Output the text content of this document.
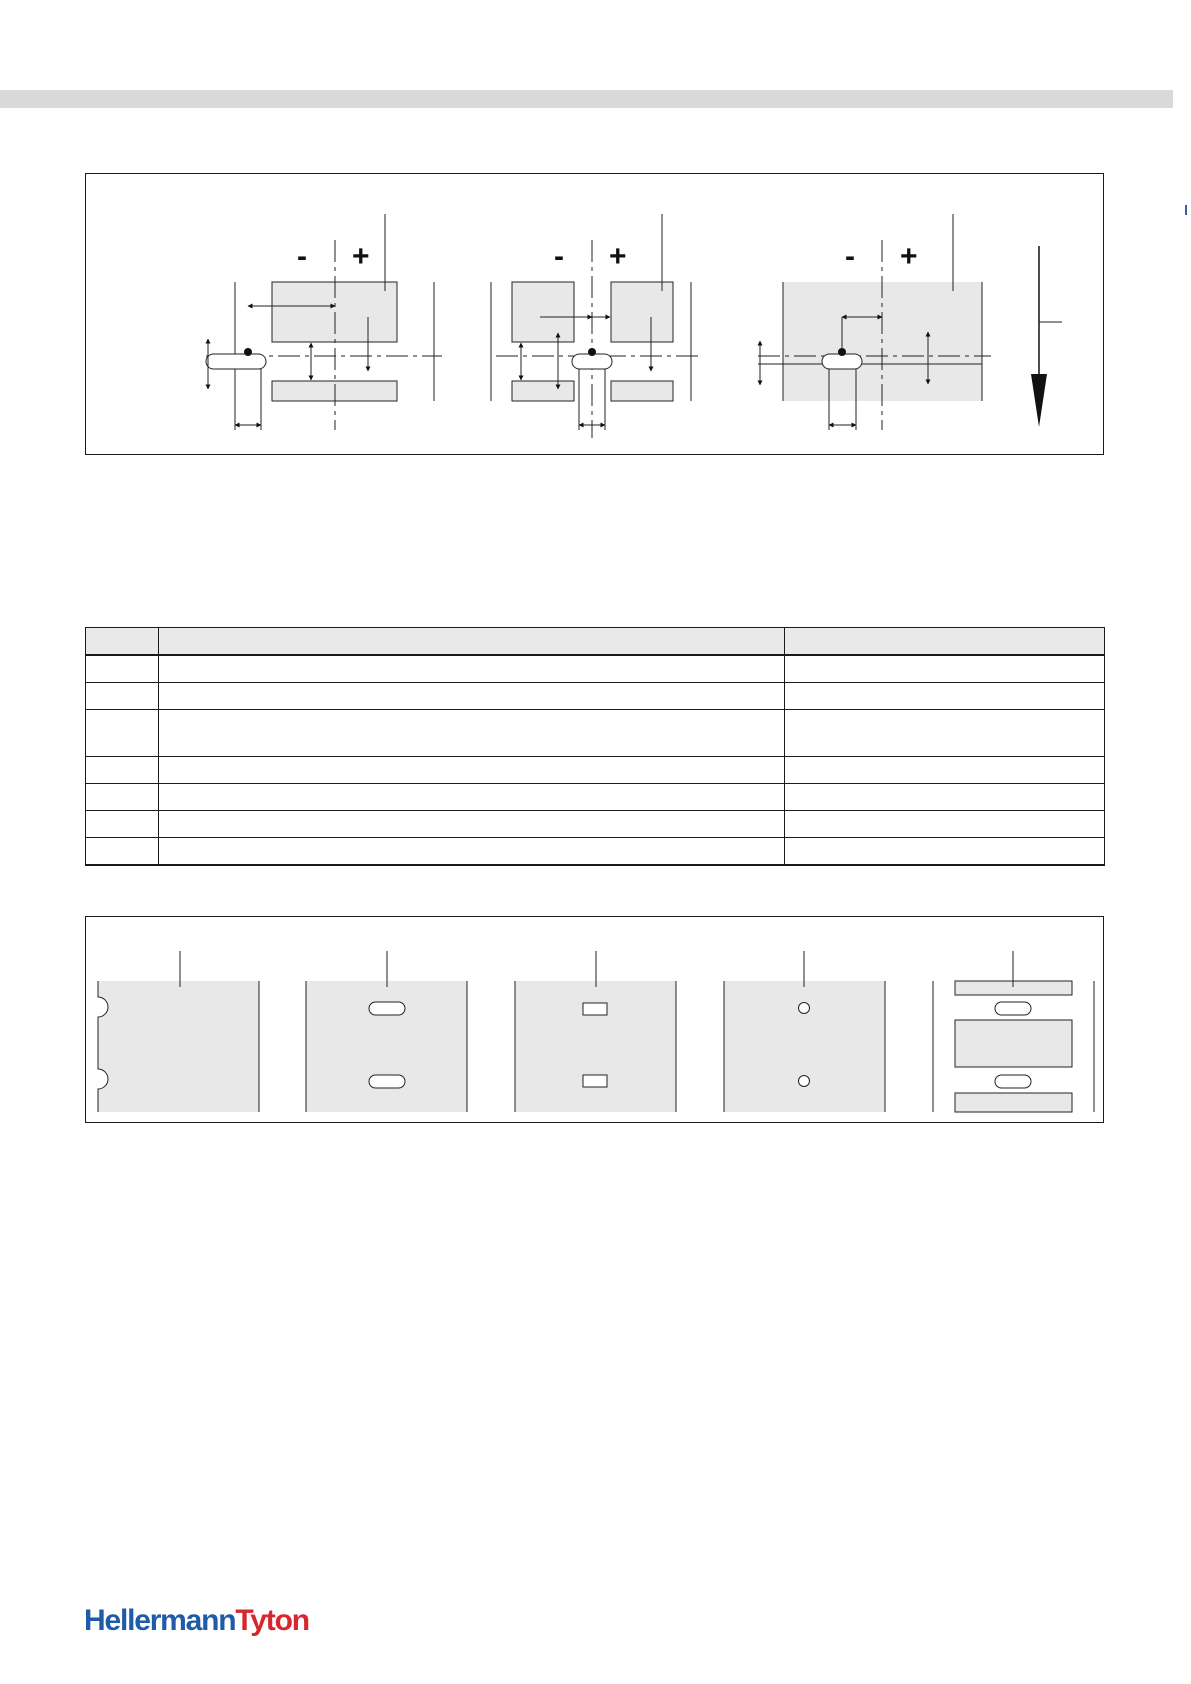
- +	- +	- +

HellermannTyton
